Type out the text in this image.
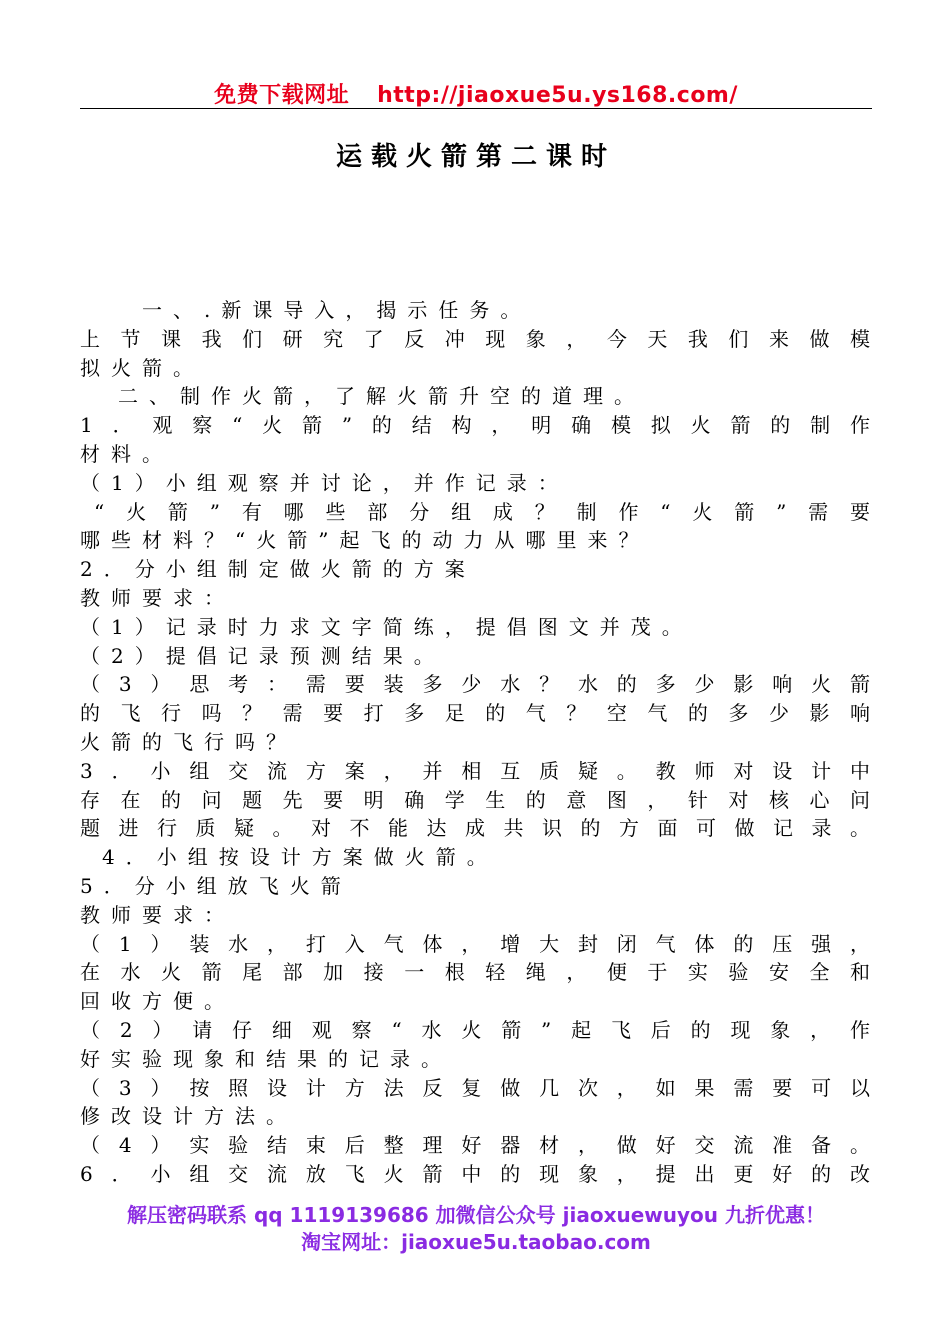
免费下载网址 http://jiaoxue5u.ys168.com/
运载火箭第二课时
一、.新课导入，揭示任务。
上节课我们研究了反冲现象，今天我们来做模
拟火箭。
二、制作火箭，了解火箭升空的道理。
1．观察“火箭”的结构，明确模拟火箭的制作
材料。
（1）小组观察并讨论，并作记录：
“火箭”有哪些部分组成？制作“火箭”需要
哪些材料？“火箭”起飞的动力从哪里来？
2．分小组制定做火箭的方案
教师要求：
（1）记录时力求文字简练，提倡图文并茂。
（2）提倡记录预测结果。
（3）思考：需要装多少水？水的多少影响火箭
的飞行吗？需要打多足的气？空气的多少影响
火箭的飞行吗？
3．小组交流方案，并相互质疑。教师对设计中
存在的问题先要明确学生的意图，针对核心问
题进行质疑。对不能达成共识的方面可做记录。
4．小组按设计方案做火箭。
5．分小组放飞火箭
教师要求：
（1）装水，打入气体，增大封闭气体的压强，
在水火箭尾部加接一根轻绳，便于实验安全和
回收方便。
（2）请仔细观察“水火箭”起飞后的现象，作
好实验现象和结果的记录。
（3）按照设计方法反复做几次，如果需要可以
修改设计方法。
（4）实验结束后整理好器材，做好交流准备。
6．小组交流放飞火箭中的现象，提出更好的改
解压密码联系 qq 1119139686 加微信公众号 jiaoxuewuyou 九折优惠！
淘宝网址：jiaoxue5u.taobao.com
